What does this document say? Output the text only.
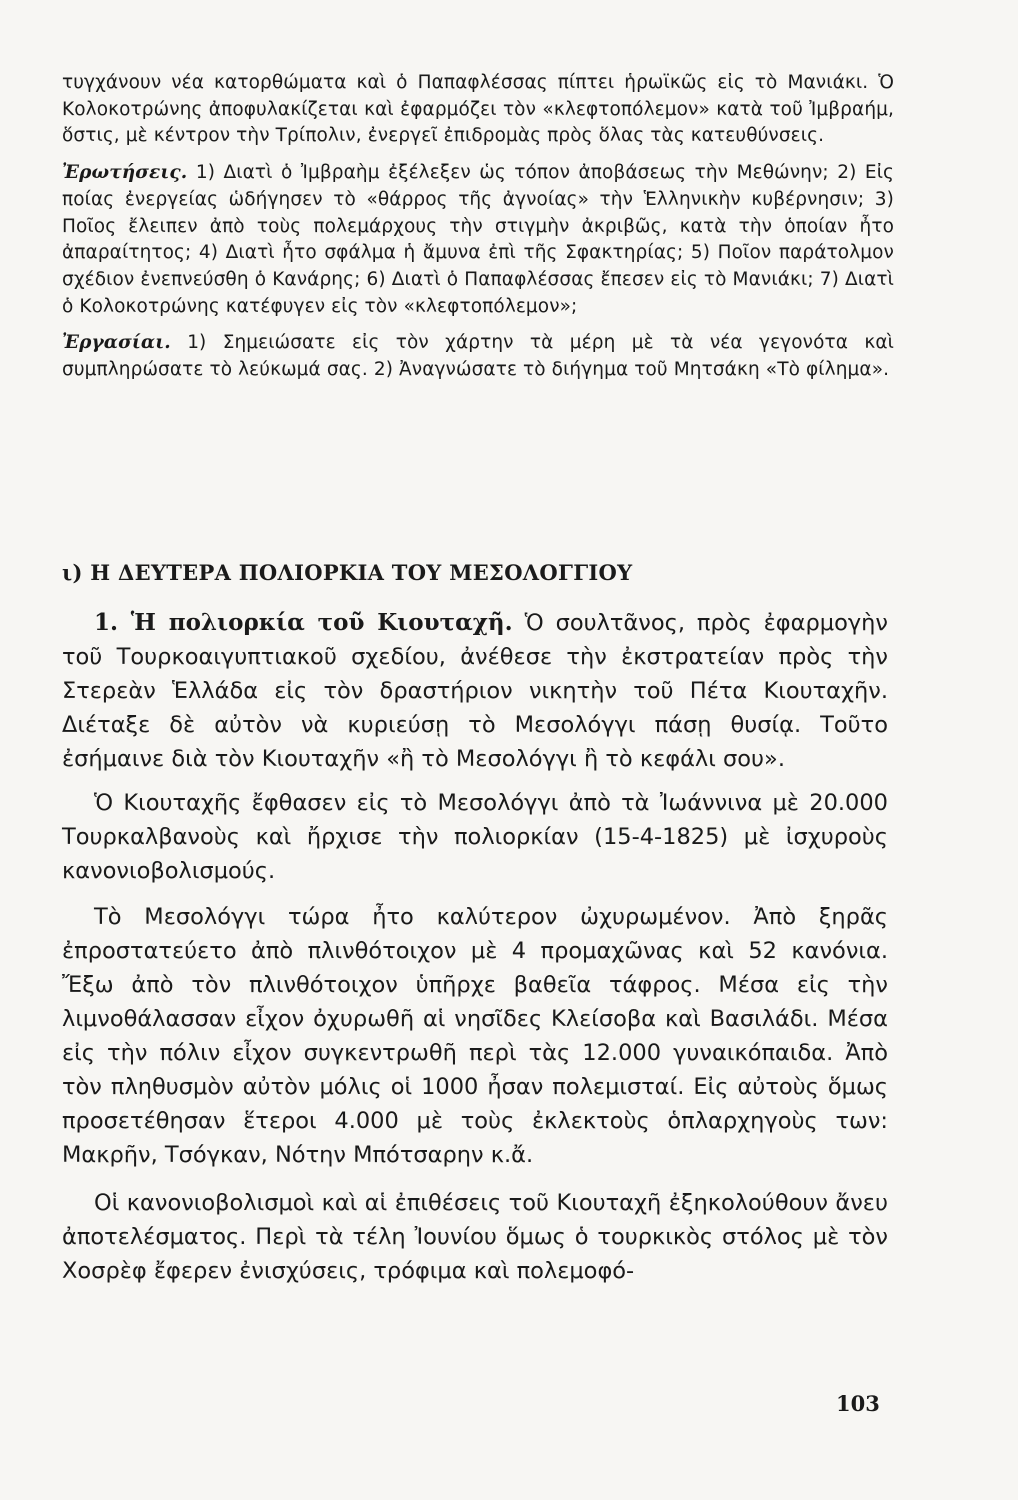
τυγχάνουν νέα κατορθώματα καὶ ὁ Παπαφλέσσας πίπτει ἡρωϊκῶς εἰς τὸ Μανιάκι. Ὁ Κολοκοτρώνης ἀποφυλακίζεται καὶ ἐφαρμόζει τὸν «κλεφτοπόλεμον» κατὰ τοῦ Ἰμβραήμ, ὅστις, μὲ κέντρον τὴν Τρίπολιν, ἐνεργεῖ ἐπιδρομὰς πρὸς ὅλας τὰς κατευθύνσεις.

Ἐρωτήσεις. 1) Διατὶ ὁ Ἰμβραὴμ ἐξέλεξεν ὡς τόπον ἀποβάσεως τὴν Μεθώνην; 2) Εἰς ποίας ἐνεργείας ὡδήγησεν τὸ «θάρρος τῆς ἀγνοίας» τὴν Ἑλληνικὴν κυβέρνησιν; 3) Ποῖος ἔλειπεν ἀπὸ τοὺς πολεμάρχους τὴν στιγμὴν ἀκριβῶς, κατὰ τὴν ὁποίαν ἦτο ἀπαραίτητος; 4) Διατὶ ἦτο σφάλμα ἡ ἄμυνα ἐπὶ τῆς Σφακτηρίας; 5) Ποῖον παράτολμον σχέδιον ἐνεπνεύσθη ὁ Κανάρης; 6) Διατὶ ὁ Παπαφλέσσας ἔπεσεν εἰς τὸ Μανιάκι; 7) Διατὶ ὁ Κολοκοτρώνης κατέφυγεν εἰς τὸν «κλεφτοπόλεμον»;

Ἐργασίαι. 1) Σημειώσατε εἰς τὸν χάρτην τὰ μέρη μὲ τὰ νέα γεγονότα καὶ συμπληρώσατε τὸ λεύκωμά σας. 2) Ἀναγνώσατε τὸ διήγημα τοῦ Μητσάκη «Τὸ φίλημα».

ι) Η ΔΕΥΤΕΡΑ ΠΟΛΙΟΡΚΙΑ ΤΟΥ ΜΕΣΟΛΟΓΓΙΟΥ

1. Ἡ πολιορκία τοῦ Κιουταχῆ. Ὁ σουλτᾶνος, πρὸς ἐφαρμογὴν τοῦ Τουρκοαιγυπτιακοῦ σχεδίου, ἀνέθεσε τὴν ἐκστρατείαν πρὸς τὴν Στερεὰν Ἑλλάδα εἰς τὸν δραστήριον νικητὴν τοῦ Πέτα Κιουταχῆν. Διέταξε δὲ αὐτὸν νὰ κυριεύσῃ τὸ Μεσολόγγι πάσῃ θυσίᾳ. Τοῦτο ἐσήμαινε διὰ τὸν Κιουταχῆν «ἢ τὸ Μεσολόγγι ἢ τὸ κεφάλι σου».

Ὁ Κιουταχῆς ἔφθασεν εἰς τὸ Μεσολόγγι ἀπὸ τὰ Ἰωάννινα μὲ 20.000 Τουρκαλβανοὺς καὶ ἤρχισε τὴν πολιορκίαν (15-4-1825) μὲ ἰσχυροὺς κανονιοβολισμούς.

Τὸ Μεσολόγγι τώρα ἦτο καλύτερον ὠχυρωμένον. Ἀπὸ ξηρᾶς ἐπροστατεύετο ἀπὸ πλινθότοιχον μὲ 4 προμαχῶνας καὶ 52 κανόνια. Ἔξω ἀπὸ τὸν πλινθότοιχον ὑπῆρχε βαθεῖα τάφρος. Μέσα εἰς τὴν λιμνοθάλασσαν εἶχον ὀχυρωθῆ αἱ νησῖδες Κλείσοβα καὶ Βασιλάδι. Μέσα εἰς τὴν πόλιν εἶχον συγκεντρωθῆ περὶ τὰς 12.000 γυναικόπαιδα. Ἀπὸ τὸν πληθυσμὸν αὐτὸν μόλις οἱ 1000 ἦσαν πολεμισταί. Εἰς αὐτοὺς ὅμως προσετέθησαν ἕτεροι 4.000 μὲ τοὺς ἐκλεκτοὺς ὁπλαρχηγοὺς των: Μακρῆν, Τσόγκαν, Νότην Μπότσαρην κ.ἄ.

Οἱ κανονιοβολισμοὶ καὶ αἱ ἐπιθέσεις τοῦ Κιουταχῆ ἐξηκολούθουν ἄνευ ἀποτελέσματος. Περὶ τὰ τέλη Ἰουνίου ὅμως ὁ τουρκικὸς στόλος μὲ τὸν Χοσρὲφ ἔφερεν ἐνισχύσεις, τρόφιμα καὶ πολεμοφό-

103
